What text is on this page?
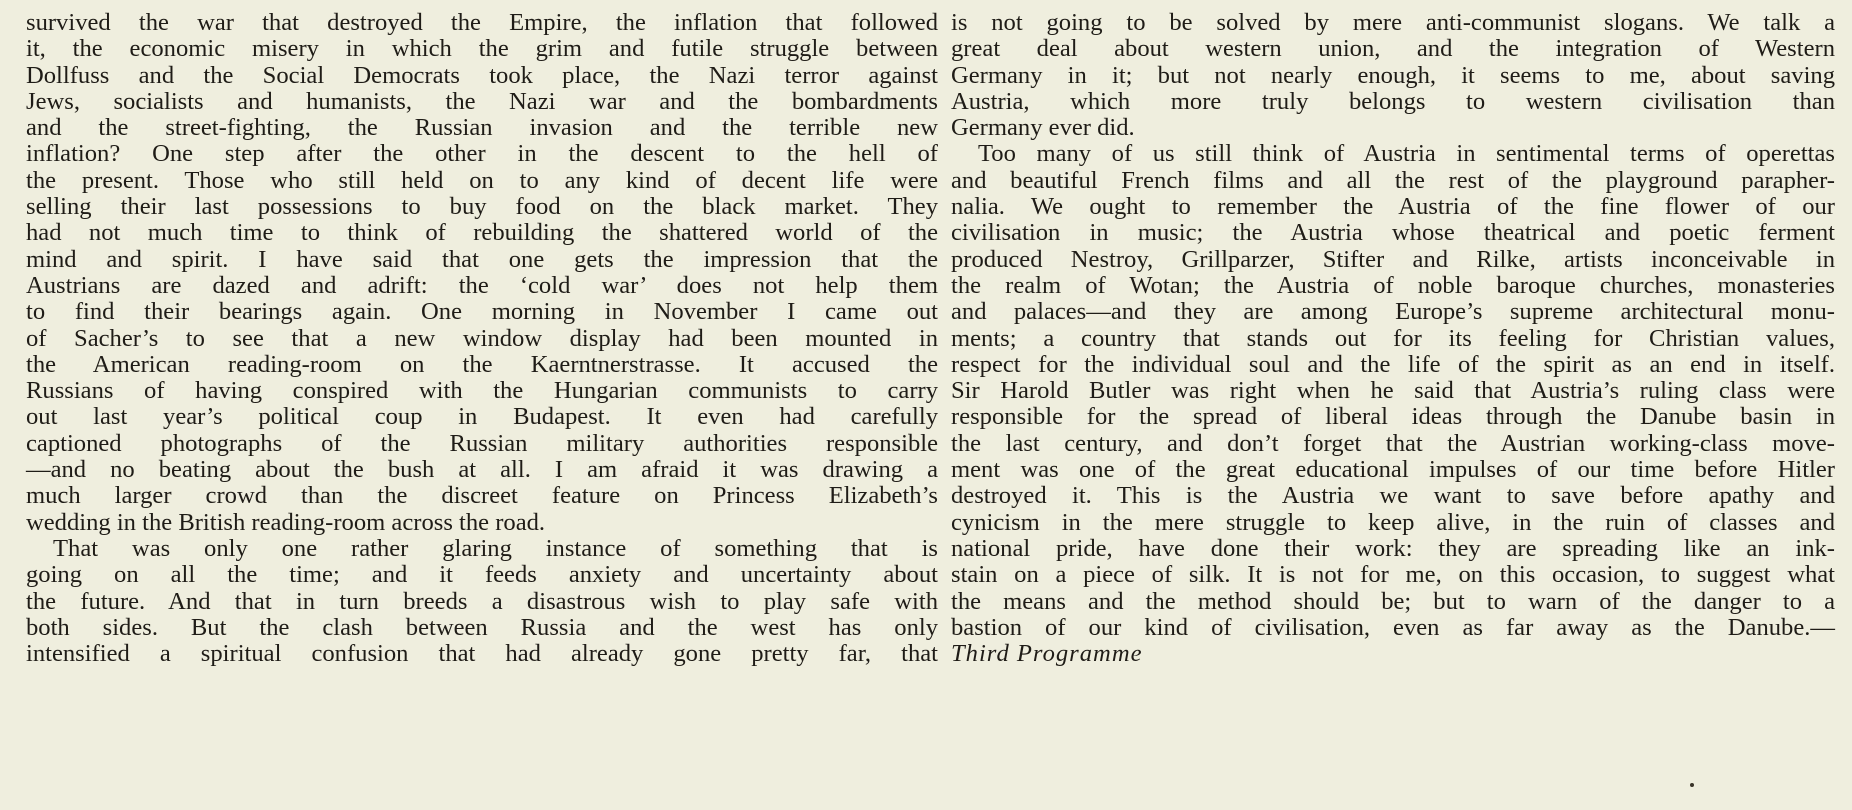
survived the war that destroyed the Empire, the inflation that followed
it, the economic misery in which the grim and futile struggle between
Dollfuss and the Social Democrats took place, the Nazi terror against
Jews, socialists and humanists, the Nazi war and the bombardments
and the street-fighting, the Russian invasion and the terrible new
inflation? One step after the other in the descent to the hell of
the present. Those who still held on to any kind of decent life were
selling their last possessions to buy food on the black market. They
had not much time to think of rebuilding the shattered world of the
mind and spirit. I have said that one gets the impression that the
Austrians are dazed and adrift: the ‘cold war’ does not help them
to find their bearings again. One morning in November I came out
of Sacher’s to see that a new window display had been mounted in
the American reading-room on the Kaerntnerstrasse. It accused the
Russians of having conspired with the Hungarian communists to carry
out last year’s political coup in Budapest. It even had carefully
captioned photographs of the Russian military authorities responsible
—and no beating about the bush at all. I am afraid it was drawing a
much larger crowd than the discreet feature on Princess Elizabeth’s
wedding in the British reading-room across the road.
That was only one rather glaring instance of something that is
going on all the time; and it feeds anxiety and uncertainty about
the future. And that in turn breeds a disastrous wish to play safe with
both sides. But the clash between Russia and the west has only
intensified a spiritual confusion that had already gone pretty far, that
is not going to be solved by mere anti-communist slogans. We talk a
great deal about western union, and the integration of Western
Germany in it; but not nearly enough, it seems to me, about saving
Austria, which more truly belongs to western civilisation than
Germany ever did.
Too many of us still think of Austria in sentimental terms of operettas
and beautiful French films and all the rest of the playground parapher-
nalia. We ought to remember the Austria of the fine flower of our
civilisation in music; the Austria whose theatrical and poetic ferment
produced Nestroy, Grillparzer, Stifter and Rilke, artists inconceivable in
the realm of Wotan; the Austria of noble baroque churches, monasteries
and palaces—and they are among Europe’s supreme architectural monu-
ments; a country that stands out for its feeling for Christian values,
respect for the individual soul and the life of the spirit as an end in itself.
Sir Harold Butler was right when he said that Austria’s ruling class were
responsible for the spread of liberal ideas through the Danube basin in
the last century, and don’t forget that the Austrian working-class move-
ment was one of the great educational impulses of our time before Hitler
destroyed it. This is the Austria we want to save before apathy and
cynicism in the mere struggle to keep alive, in the ruin of classes and
national pride, have done their work: they are spreading like an ink-
stain on a piece of silk. It is not for me, on this occasion, to suggest what
the means and the method should be; but to warn of the danger to a
bastion of our kind of civilisation, even as far away as the Danube.—
Third Programme
